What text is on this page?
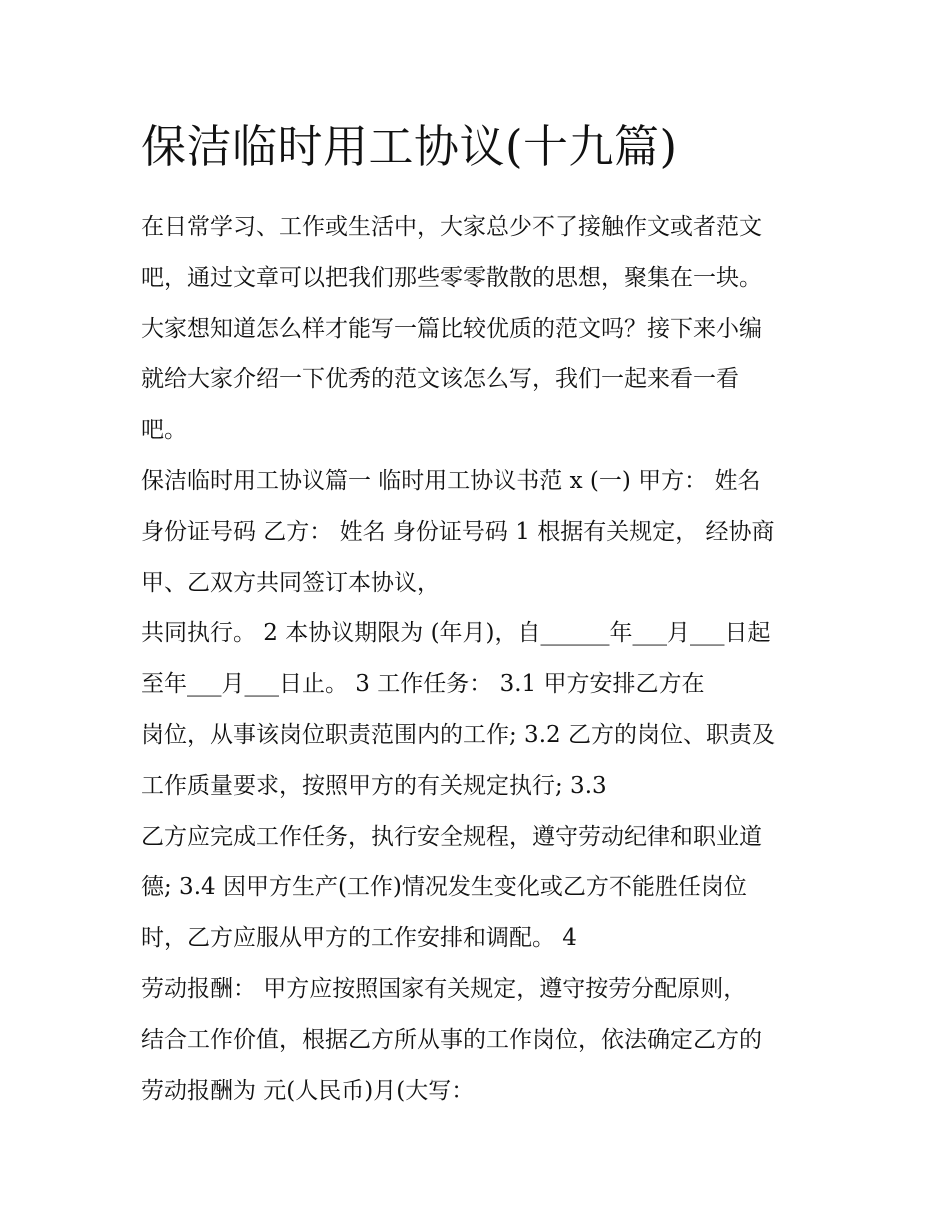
保洁临时用工协议(十九篇)

在日常学习、工作或生活中，大家总少不了接触作文或者范文

吧，通过文章可以把我们那些零零散散的思想，聚集在一块。

大家想知道怎么样才能写一篇比较优质的范文吗？接下来小编

就给大家介绍一下优秀的范文该怎么写，我们一起来看一看

吧。

保洁临时用工协议篇一 临时用工协议书范 x (一) 甲方： 姓名

身份证号码 乙方： 姓名 身份证号码 1 根据有关规定， 经协商

甲、乙双方共同签订本协议，

共同执行。 2 本协议期限为 (年月)，自______年___月___日起

至年___月___日止。 3 工作任务： 3.1 甲方安排乙方在

岗位，从事该岗位职责范围内的工作; 3.2 乙方的岗位、职责及

工作质量要求，按照甲方的有关规定执行; 3.3

乙方应完成工作任务，执行安全规程，遵守劳动纪律和职业道

德; 3.4 因甲方生产(工作)情况发生变化或乙方不能胜任岗位

时，乙方应服从甲方的工作安排和调配。 4

劳动报酬： 甲方应按照国家有关规定，遵守按劳分配原则，

结合工作价值，根据乙方所从事的工作岗位，依法确定乙方的

劳动报酬为 元(人民币)月(大写：
